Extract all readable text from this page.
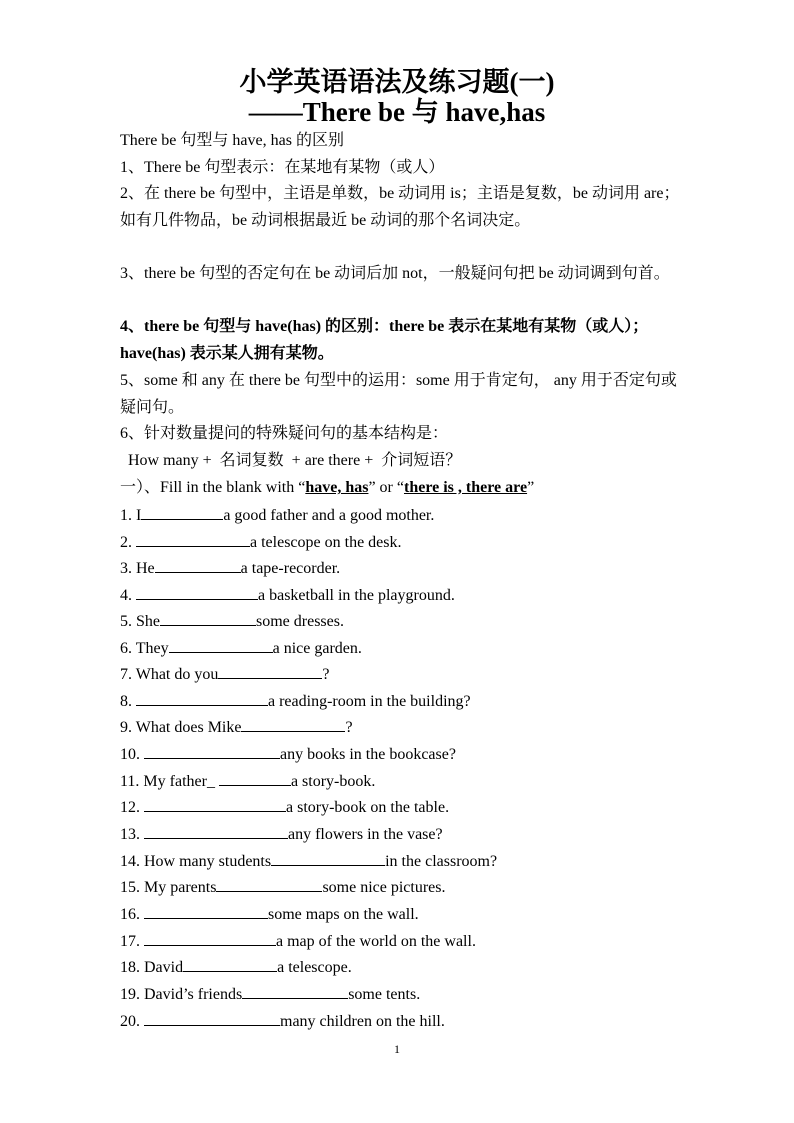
小学英语语法及练习题(一)
——There be 与 have,has
There be 句型与 have, has 的区别
1、There be 句型表示：在某地有某物（或人）
2、在 there be 句型中，主语是单数，be 动词用 is；主语是复数，be 动词用 are；如有几件物品，be 动词根据最近 be 动词的那个名词决定。
3、there be 句型的否定句在 be 动词后加 not，一般疑问句把 be 动词调到句首。
4、there be 句型与 have(has) 的区别：there be 表示在某地有某物（或人）；have(has) 表示某人拥有某物。
5、some 和 any 在 there be 句型中的运用：some 用于肯定句， any 用于否定句或疑问句。
6、针对数量提问的特殊疑问句的基本结构是：
How many +  名词复数  + are there +  介词短语？
一）、Fill in the blank with “have, has” or “there is , there are”
1. I	a good father and a good mother.
2.	a telescope on the desk.
3. He	a tape-recorder.
4.	a basketball in the playground.
5. She	some dresses.
6. They	a nice garden.
7. What do you	?
8.	a reading-room in the building?
9. What does Mike	?
10.	any books in the bookcase?
11. My father_	a story-book.
12.	a story-book on the table.
13.	any flowers in the vase?
14. How many students	in the classroom?
15. My parents	some nice pictures.
16.	some maps on the wall.
17.	a map of the world on the wall.
18. David	a telescope.
19. David’s friends	some tents.
20.	many children on the hill.
1
